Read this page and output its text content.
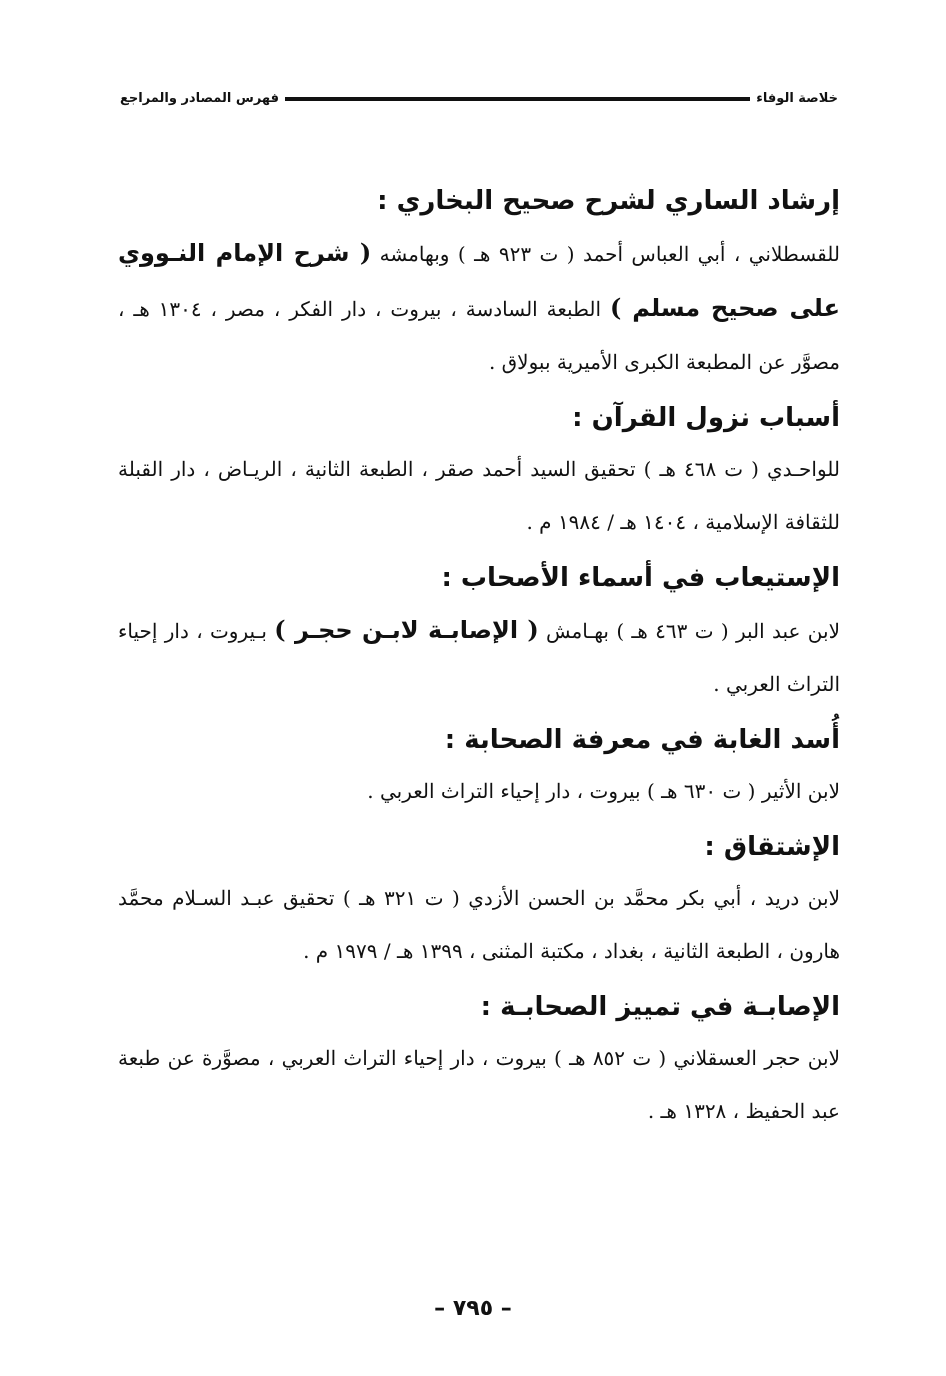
خلاصة الوفاء
فهرس المصادر والمراجع

إرشاد الساري لشرح صحيح البخاري :

للقسطلاني ، أبي العباس أحمد ( ت ٩٢٣ هـ ) وبهامشه ( شرح الإمام النـووي على صحيح مسلم ) الطبعة السادسة ، بيروت ، دار الفكر ، مصر ، ١٣٠٤ هـ ، مصوَّر عن المطبعة الكبرى الأميرية ببولاق .

أسباب نزول القرآن :

للواحـدي ( ت ٤٦٨ هـ ) تحقيق السيد أحمد صقر ، الطبعة الثانية ، الريـاض ، دار القبلة للثقافة الإسلامية ، ١٤٠٤ هـ / ١٩٨٤ م .

الإستيعاب في أسماء الأصحاب :

لابن عبد البر ( ت ٤٦٣ هـ ) بهـامش ( الإصابـة لابـن حجـر ) بـيروت ، دار إحياء التراث العربي .

أُسد الغابة في معرفة الصحابة :

لابن الأثير ( ت ٦٣٠ هـ ) بيروت ، دار إحياء التراث العربي .

الإشتقاق :

لابن دريد ، أبي بكر محمَّد بن الحسن الأزدي ( ت ٣٢١ هـ ) تحقيق عبـد السـلام محمَّد هارون ، الطبعة الثانية ، بغداد ، مكتبة المثنى ، ١٣٩٩ هـ / ١٩٧٩ م .

الإصابـة في تمييز الصحابـة :

لابن حجر العسقلاني ( ت ٨٥٢ هـ ) بيروت ، دار إحياء التراث العربي ، مصوَّرة عن طبعة عبد الحفيظ ، ١٣٢٨ هـ .

– ٧٩٥ –
